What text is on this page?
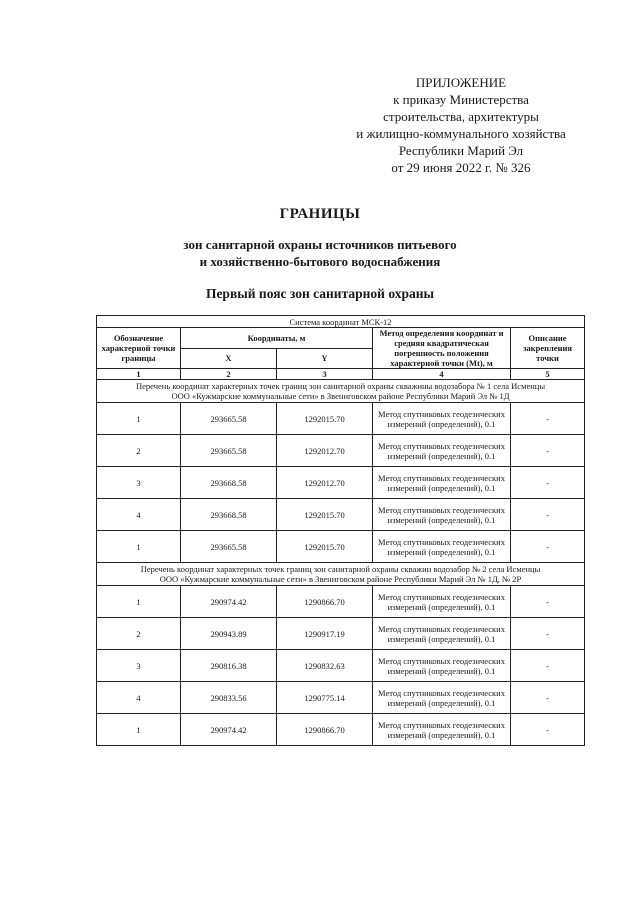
ПРИЛОЖЕНИЕ
к приказу Министерства
строительства, архитектуры
и жилищно-коммунального хозяйства
Республики Марий Эл
от 29 июня 2022 г. № 326
ГРАНИЦЫ
зон санитарной охраны источников питьевого
и хозяйственно-бытового водоснабжения
Первый пояс зон санитарной охраны
Система координат МСК-12				
Обозначение характерной точки границы	Координаты, м		Метод определения координат и средняя квадратическая погрешность положения характерной точки (Mt), м	Описание закрепления точки
	X	Y		
1	2	3	4	5

Перечень координат характерных точек границ зон санитарной охраны скважины водозабора № 1 села Исменцы
ООО «Кужмарские коммунальные сети» в Звениговском районе Республики Марий Эл № 1Д				

1	293665.58	1292015.70	Метод спутниковых геодезических измерений (определений), 0.1	-
2	293665.58	1292012.70	Метод спутниковых геодезических измерений (определений), 0.1	-
3	293668.58	1292012.70	Метод спутниковых геодезических измерений (определений), 0.1	-
4	293668.58	1292015.70	Метод спутниковых геодезических измерений (определений), 0.1	-
1	293665.58	1292015.70	Метод спутниковых геодезических измерений (определений), 0.1	-

Перечень координат характерных точек границ зон санитарной охраны скважин водозабор № 2 села Исменцы
ООО «Кужмарские коммунальные сети» в Звениговском районе Республики Марий Эл № 1Д, № 2Р				

1	290974.42	1290866.70	Метод спутниковых геодезических измерений (определений), 0.1	-
2	290943.89	1290917.19	Метод спутниковых геодезических измерений (определений), 0.1	-
3	290816.38	1290832.63	Метод спутниковых геодезических измерений (определений), 0.1	-
4	290833.56	1290775.14	Метод спутниковых геодезических измерений (определений), 0.1	-
1	290974.42	1290866.70	Метод спутниковых геодезических измерений (определений), 0.1	-
